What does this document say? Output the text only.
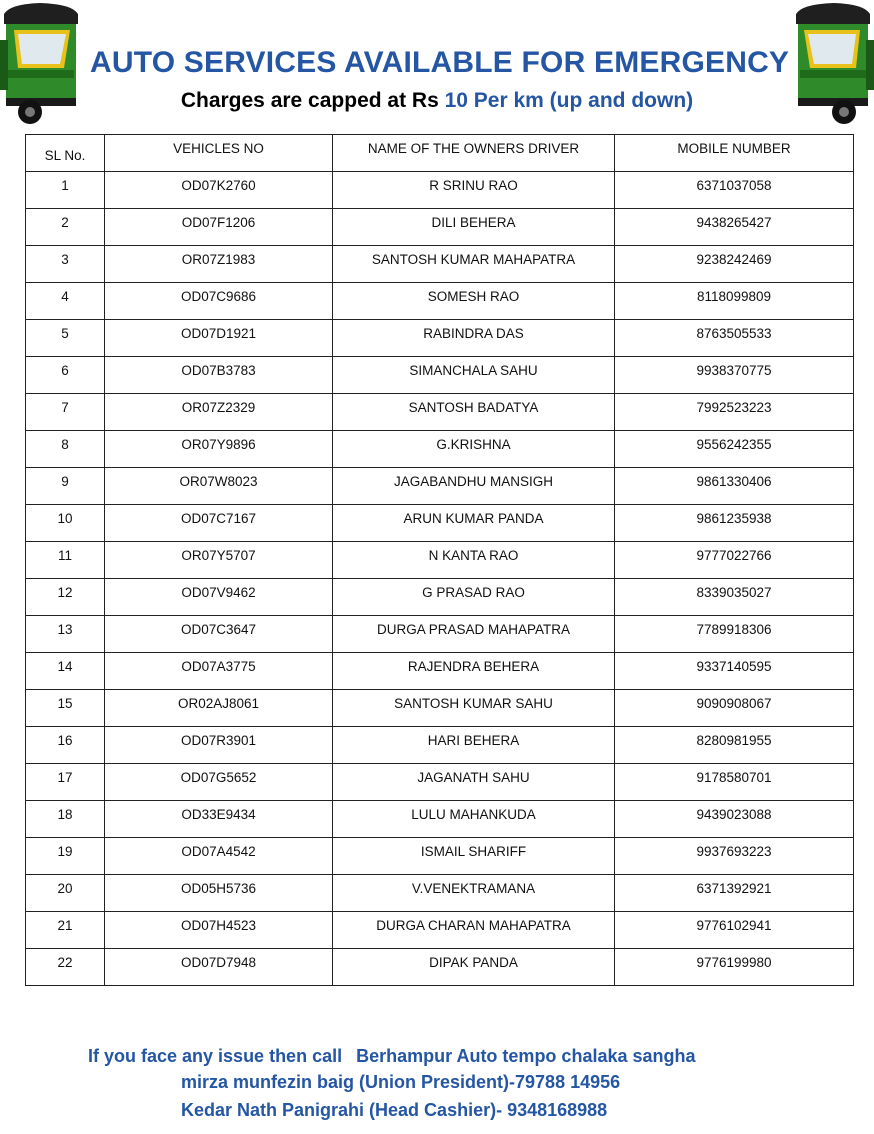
AUTO SERVICES AVAILABLE FOR EMERGENCY
Charges are capped at Rs 10 Per km (up and down)
SL No.	VEHICLES NO	NAME OF THE OWNERS DRIVER	MOBILE NUMBER
1	OD07K2760	R SRINU RAO	6371037058
2	OD07F1206	DILI BEHERA	9438265427
3	OR07Z1983	SANTOSH KUMAR MAHAPATRA	9238242469
4	OD07C9686	SOMESH RAO	8118099809
5	OD07D1921	RABINDRA DAS	8763505533
6	OD07B3783	SIMANCHALA SAHU	9938370775
7	OR07Z2329	SANTOSH BADATYA	7992523223
8	OR07Y9896	G.KRISHNA	9556242355
9	OR07W8023	JAGABANDHU MANSIGH	9861330406
10	OD07C7167	ARUN KUMAR PANDA	9861235938
11	OR07Y5707	N KANTA RAO	9777022766
12	OD07V9462	G PRASAD RAO	8339035027
13	OD07C3647	DURGA PRASAD MAHAPATRA	7789918306
14	OD07A3775	RAJENDRA BEHERA	9337140595
15	OR02AJ8061	SANTOSH KUMAR SAHU	9090908067
16	OD07R3901	HARI BEHERA	8280981955
17	OD07G5652	JAGANATH SAHU	9178580701
18	OD33E9434	LULU MAHANKUDA	9439023088
19	OD07A4542	ISMAIL SHARIFF	9937693223
20	OD05H5736	V.VENEKTRAMANA	6371392921
21	OD07H4523	DURGA CHARAN MAHAPATRA	9776102941
22	OD07D7948	DIPAK PANDA	9776199980
If you face any issue then call Berhampur Auto tempo chalaka sangha
mirza munfezin baig (Union President)-79788 14956
Kedar Nath Panigrahi (Head Cashier)- 9348168988
